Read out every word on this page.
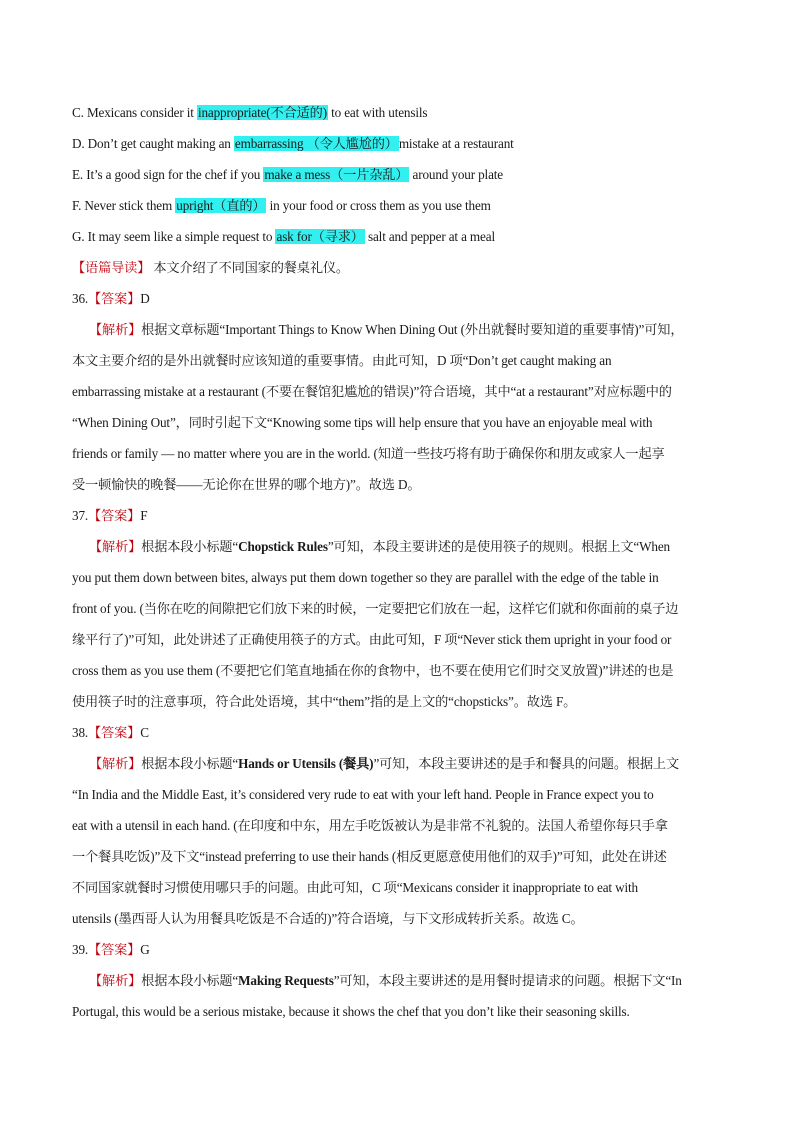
C. Mexicans consider it inappropriate(不合适的) to eat with utensils
D. Don’t get caught making an embarrassing （令人尴尬的）mistake at a restaurant
E. It’s a good sign for the chef if you make a mess（一片杂乱） around your plate
F. Never stick them upright（直的） in your food or cross them as you use them
G. It may seem like a simple request to ask for（寻求） salt and pepper at a meal
【语篇导读】 本文介绍了不同国家的餐桌礼仪。
36.【答案】D
【解析】根据文章标题“Important Things to Know When Dining Out (外出就餐时要知道的重要事情)”可知，
本文主要介绍的是外出就餐时应该知道的重要事情。由此可知，D 项“Don’t get caught making an
embarrassing mistake at a restaurant (不要在餐馆犯尴尬的错误)”符合语境，其中“at a restaurant”对应标题中的
“When Dining Out”，同时引起下文“Knowing some tips will help ensure that you have an enjoyable meal with
friends or family — no matter where you are in the world. (知道一些技巧将有助于确保你和朋友或家人一起享
受一顿愉快的晚餐——无论你在世界的哪个地方)”。故选 D。
37.【答案】F
【解析】根据本段小标题“Chopstick Rules”可知，本段主要讲述的是使用筷子的规则。根据上文“When
you put them down between bites, always put them down together so they are parallel with the edge of the table in
front of you. (当你在吃的间隙把它们放下来的时候，一定要把它们放在一起，这样它们就和你面前的桌子边
缘平行了)”可知，此处讲述了正确使用筷子的方式。由此可知，F 项“Never stick them upright in your food or
cross them as you use them (不要把它们笔直地插在你的食物中，也不要在使用它们时交叉放置)”讲述的也是
使用筷子时的注意事项，符合此处语境，其中“them”指的是上文的“chopsticks”。故选 F。
38.【答案】C
【解析】根据本段小标题“Hands or Utensils (餐具)”可知，本段主要讲述的是手和餐具的问题。根据上文
“In India and the Middle East, it’s considered very rude to eat with your left hand. People in France expect you to
eat with a utensil in each hand. (在印度和中东，用左手吃饭被认为是非常不礼貌的。法国人希望你每只手拿
一个餐具吃饭)”及下文“instead preferring to use their hands (相反更愿意使用他们的双手)”可知，此处在讲述
不同国家就餐时习惯使用哪只手的问题。由此可知，C 项“Mexicans consider it inappropriate to eat with
utensils (墨西哥人认为用餐具吃饭是不合适的)”符合语境，与下文形成转折关系。故选 C。
39.【答案】G
【解析】根据本段小标题“Making Requests”可知，本段主要讲述的是用餐时提请求的问题。根据下文“In
Portugal, this would be a serious mistake, because it shows the chef that you don’t like their seasoning skills.
